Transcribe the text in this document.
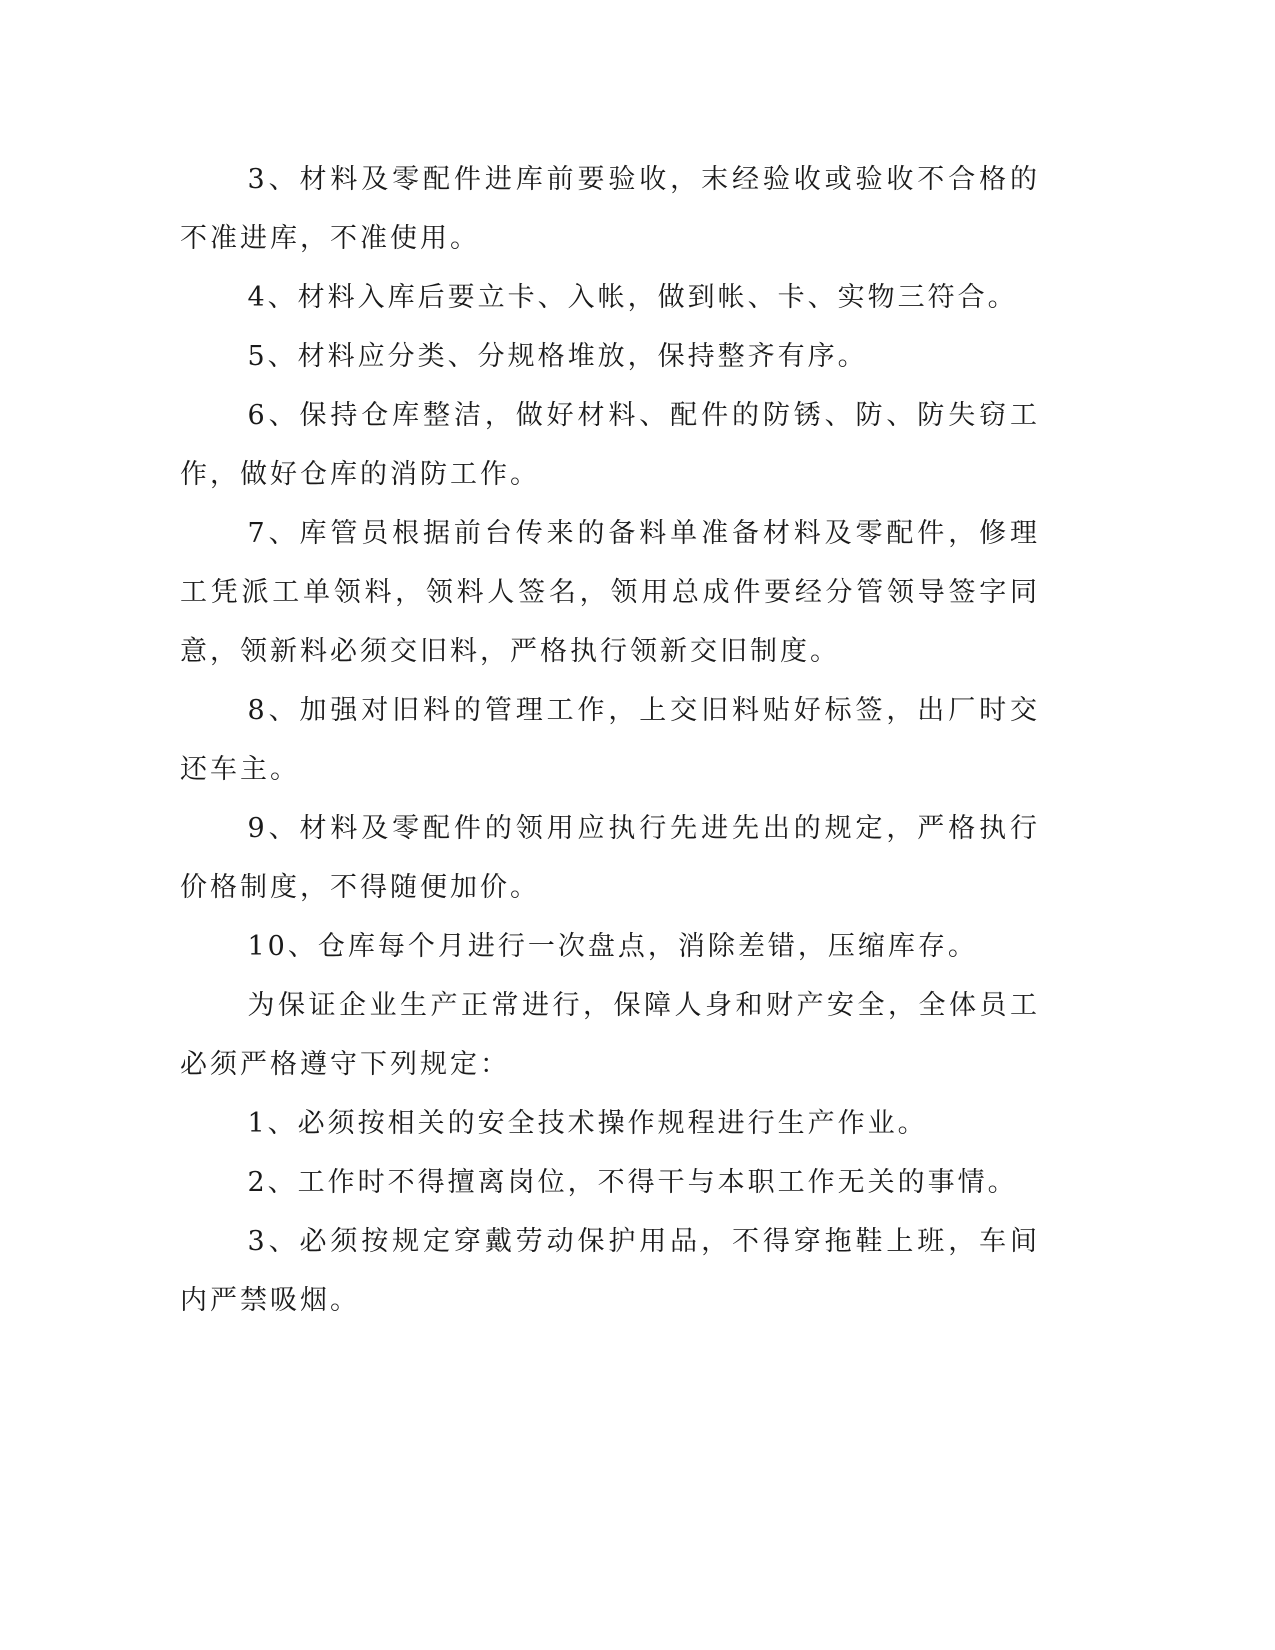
3、材料及零配件进库前要验收，末经验收或验收不合格的不准进库，不准使用。

4、材料入库后要立卡、入帐，做到帐、卡、实物三符合。

5、材料应分类、分规格堆放，保持整齐有序。

6、保持仓库整洁，做好材料、配件的防锈、防、防失窃工作，做好仓库的消防工作。

7、库管员根据前台传来的备料单准备材料及零配件，修理工凭派工单领料，领料人签名，领用总成件要经分管领导签字同意，领新料必须交旧料，严格执行领新交旧制度。

8、加强对旧料的管理工作，上交旧料贴好标签，出厂时交还车主。

9、材料及零配件的领用应执行先进先出的规定，严格执行价格制度，不得随便加价。

10、仓库每个月进行一次盘点，消除差错，压缩库存。

为保证企业生产正常进行，保障人身和财产安全，全体员工必须严格遵守下列规定：

1、必须按相关的安全技术操作规程进行生产作业。

2、工作时不得擅离岗位，不得干与本职工作无关的事情。

3、必须按规定穿戴劳动保护用品，不得穿拖鞋上班，车间内严禁吸烟。
